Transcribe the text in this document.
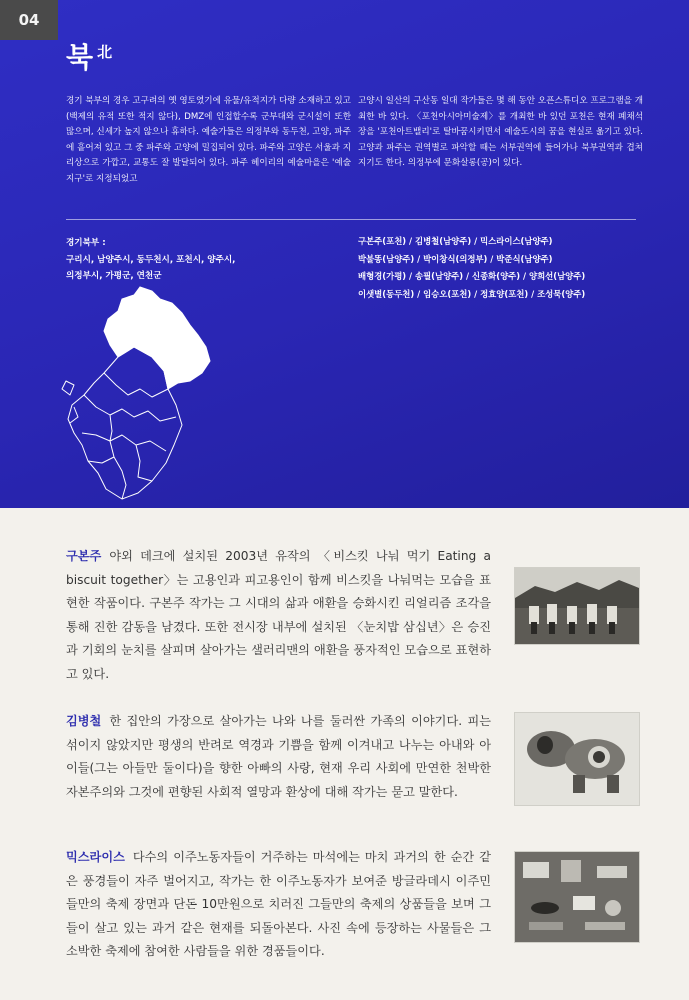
04
북北
경기 북부의 경우 고구려의 옛 영토였기에 유물/유적지가 다량 소재하고 있고(백제의 유적 또한 적지 않다), DMZ에 인접할수록 군부대와 군시설이 또한 많으며, 신세가 높지 않으나 휴하다. 예술가들은 의정부와 동두천, 고양, 파주에 흩어져 있고 그 중 파주와 고양에 밀집되어 있다. 파주와 고양은 서울과 지리상으로 가깝고, 교통도 잘 발달되어 있다. 파주 헤이리의 예술마을은 '예술지구'로 지정되었고
고양시 일산의 구산동 일대 작가들은 몇 해 동안 오픈스튜디오 프로그램을 개최한 바 있다. 〈포천아시아미술제〉를 개최한 바 있던 포천은 현재 폐채석장을 '포천아트밸리'로 탈바꿈시키면서 예술도시의 꿈을 현실로 옮기고 있다. 고양과 파주는 권역별로 파악할 때는 서부권역에 들어가나 북부권역과 겹쳐지기도 한다. 의정부에 문화살롱(공)이 있다.
경기북부 :
구리시, 남양주시, 동두천시, 포천시, 양주시,
의정부시, 가평군, 연천군
구본주(포천) / 김병철(남양주) / 믹스라이스(남양주)
박불똥(남양주) / 박이창식(의정부) / 박준식(남양주)
배형경(가평) / 송필(남양주) / 신종화(양주) / 양희선(남양주)
이샛별(동두천) / 임승오(포천) / 정효양(포천) / 조성묵(양주)
구본주 야외 데크에 설치된 2003년 유작의 〈비스킷 나눠 먹기 Eating a biscuit together〉는 고용인과 피고용인이 함께 비스킷을 나눠먹는 모습을 표현한 작품이다. 구본주 작가는 그 시대의 삶과 애환을 승화시킨 리얼리즘 조각을 통해 진한 감동을 남겼다. 또한 전시장 내부에 설치된 〈눈치밥 삼십년〉은 승진과 기회의 눈치를 살피며 살아가는 샐러리맨의 애환을 풍자적인 모습으로 표현하고 있다.
김병철 한 집안의 가장으로 살아가는 나와 나를 둘러싼 가족의 이야기다. 피는 섞이지 않았지만 평생의 반려로 역경과 기쁨을 함께 이겨내고 나누는 아내와 아이들(그는 아들만 둘이다)을 향한 아빠의 사랑, 현재 우리 사회에 만연한 천박한 자본주의와 그것에 편향된 사회적 열망과 환상에 대해 작가는 묻고 말한다.
믹스라이스 다수의 이주노동자들이 거주하는 마석에는 마치 과거의 한 순간 같은 풍경들이 자주 벌어지고, 작가는 한 이주노동자가 보여준 방글라데시 이주민들만의 축제 장면과 단돈 10만원으로 치러진 그들만의 축제의 상품들을 보며 그들이 살고 있는 과거 같은 현재를 되돌아본다. 사진 속에 등장하는 사물들은 그 소박한 축제에 참여한 사람들을 위한 경품들이다.
